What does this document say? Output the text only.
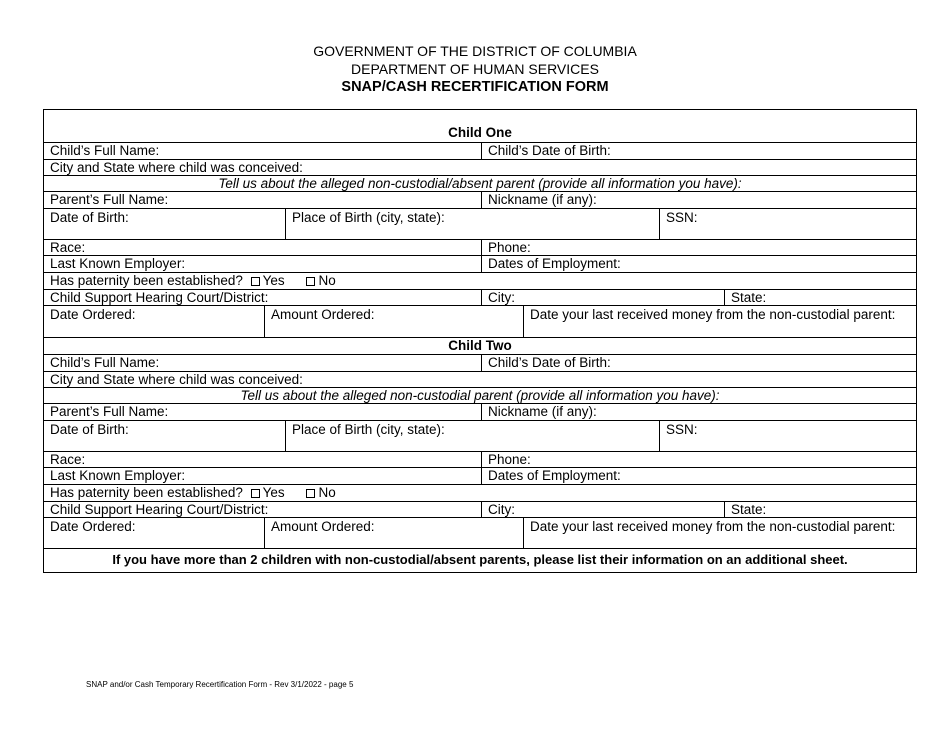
GOVERNMENT OF THE DISTRICT OF COLUMBIA
DEPARTMENT OF HUMAN SERVICES
SNAP/CASH RECERTIFICATION FORM
Child One
Child’s Full Name:	Child’s Date of Birth:
City and State where child was conceived:
Tell us about the alleged non-custodial/absent parent (provide all information you have):
Parent’s Full Name:	Nickname (if any):
Date of Birth:	Place of Birth (city, state):	SSN:
Race:	Phone:
Last Known Employer:	Dates of Employment:
Has paternity been established? Yes	No
Child Support Hearing Court/District:	City:	State:
Date Ordered:	Amount Ordered:	Date your last received money from the non-custodial parent:
Child Two
Child’s Full Name:	Child’s Date of Birth:
City and State where child was conceived:
Tell us about the alleged non-custodial parent (provide all information you have):
Parent’s Full Name:	Nickname (if any):
Date of Birth:	Place of Birth (city, state):	SSN:
Race:	Phone:
Last Known Employer:	Dates of Employment:
Has paternity been established? Yes	No
Child Support Hearing Court/District:	City:	State:
Date Ordered:	Amount Ordered:	Date your last received money from the non-custodial parent:
If you have more than 2 children with non-custodial/absent parents, please list their information on an additional sheet.
SNAP and/or Cash Temporary Recertification Form - Rev 3/1/2022 - page 5
